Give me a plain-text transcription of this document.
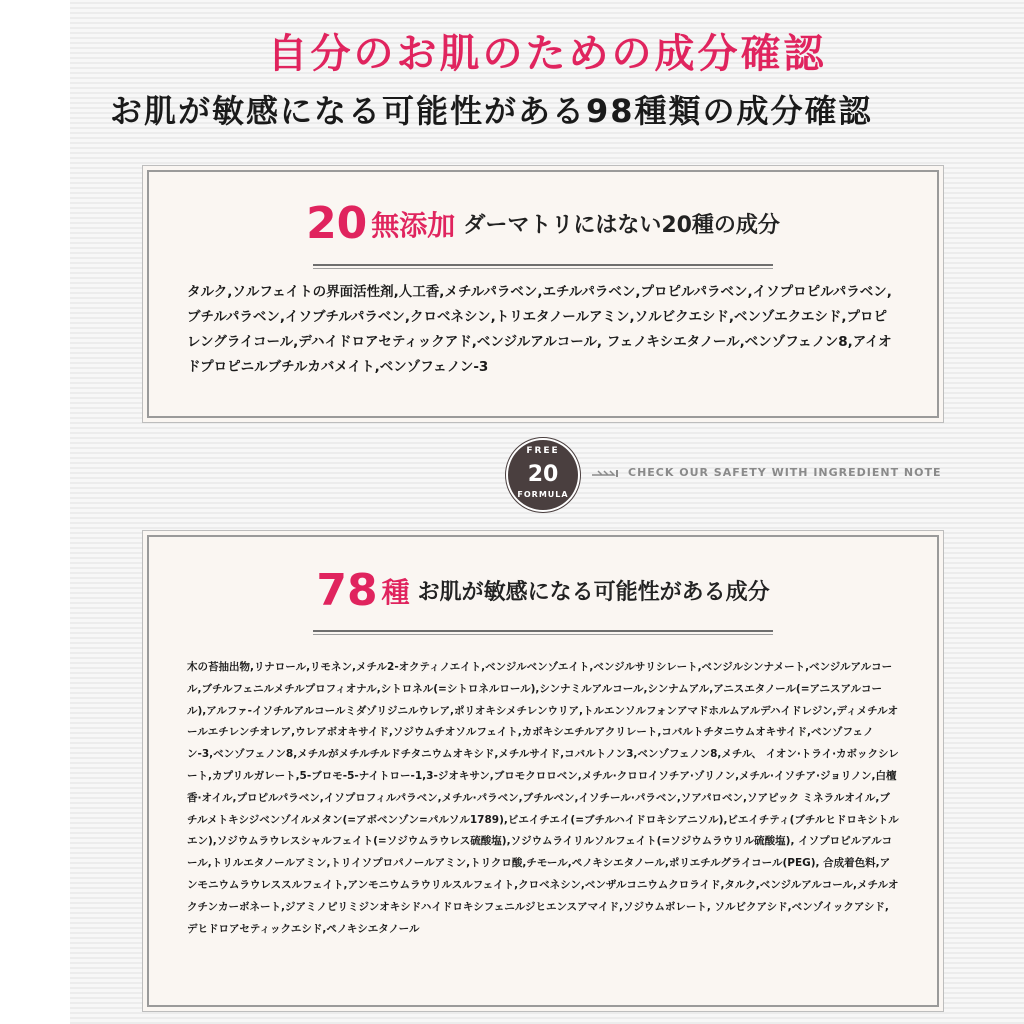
自分のお肌のための成分確認
お肌が敏感になる可能性がある98種類の成分確認
20 無添加 ダーマトリにはない20種の成分
タルク,ソルフェイトの界面活性剤,人工香,メチルパラベン,エチルパラベン,プロピルパラベン,イソプロピルパラベン,ブチルパラベン,イソブチルパラベン,クロベネシン,トリエタノールアミン,ソルビクエシド,ベンゾエクエシド,プロピレングライコール,デハイドロアセティックアド,ベンジルアルコール, フェノキシエタノール,ベンゾフェノン8,アイオドプロピニルブチルカバメイト,ベンゾフェノン-3
FREE
20
FORMULA
CHECK OUR SAFETY WITH INGREDIENT NOTE
78 種 お肌が敏感になる可能性がある成分
木の苔抽出物,リナロール,リモネン,メチル2-オクティノエイト,ベンジルベンゾエイト,ベンジルサリシレート,ベンジルシンナメート,ベンジルアルコール,ブチルフェニルメチルプロフィオナル,シトロネル(=シトロネルロール),シンナミルアルコール,シンナムアル,アニスエタノール(=アニスアルコール),アルファ-イソチルアルコールミダゾリジニルウレア,ポリオキシメチレンウリア,トルエンソルフォンアマドホルムアルデハイドレジン,ディメチルオールエチレンチオレア,ウレアボオキサイド,ソジウムチオソルフェイト,カボキシエチルアクリレート,コバルトチタニウムオキサイド,ベンゾフェノン-3,ベンゾフェノン8,メチルがメチルチルドチタニウムオキシド,メチルサイド,コバルトノン3,ベンゾフェノン8,メチル、 イオン·トライ·カボックシレート,カプリルガレート,5-ブロモ-5-ナイトロー-1,3-ジオキサン,ブロモクロロベン,メチル·クロロイソチア·ゾリノン,メチル·イソチア·ジョリノン,白檀香·オイル,プロピルパラベン,イソプロフィルパラベン,メチル·パラベン,ブチルベン,イソチール·パラベン,ソアパロベン,ソアピック ミネラルオイル,ブチルメトキシジベンゾイルメタン(=アボベンゾン=パルソル1789),ビエイチエイ(=ブチルハイドロキシアニソル),ビエイチティ(ブチルヒドロキシトルエン),ソジウムラウレスシャルフェイト(=ソジウムラウレス硫酸塩),ソジウムライリルソルフェイト(=ソジウムラウリル硫酸塩), イソプロピルアルコール,トリルエタノールアミン,トリイソプロパノールアミン,トリクロ酸,チモール,ペノキシエタノール,ポリエチルグライコール(PEG), 合成着色料,アンモニウムラウレススルフェイト,アンモニウムラウリルスルフェイト,クロベネシン,ベンザルコニウムクロライド,タルク,ベンジルアルコール,メチルオクチンカーボネート,ジアミノピリミジンオキシドハイドロキシフェニルジヒエンスアマイド,ソジウムボレート, ソルビクアシド,ベンゾイックアシド,デヒドロアセティックエシド,ペノキシエタノール
